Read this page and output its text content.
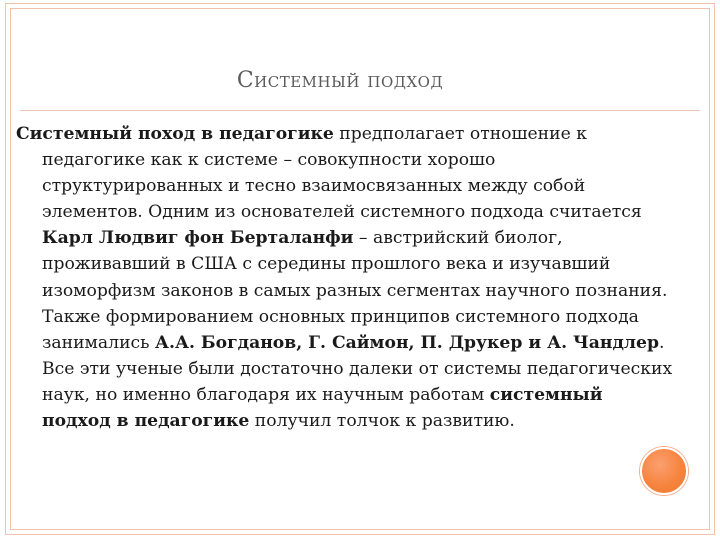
Системный подход

Системный поход в педагогике предполагает отношение к педагогике как к системе – совокупности хорошо структурированных и тесно взаимосвязанных между собой элементов. Одним из основателей системного подхода считается Карл Людвиг фон Берталанфи – австрийский биолог, проживавший в США с середины прошлого века и изучавший изоморфизм законов в самых разных сегментах научного познания. Также формированием основных принципов системного подхода занимались А.А. Богданов, Г. Саймон, П. Друкер и А. Чандлер. Все эти ученые были достаточно далеки от системы педагогических наук, но именно благодаря их научным работам системный подход в педагогике получил толчок к развитию.
